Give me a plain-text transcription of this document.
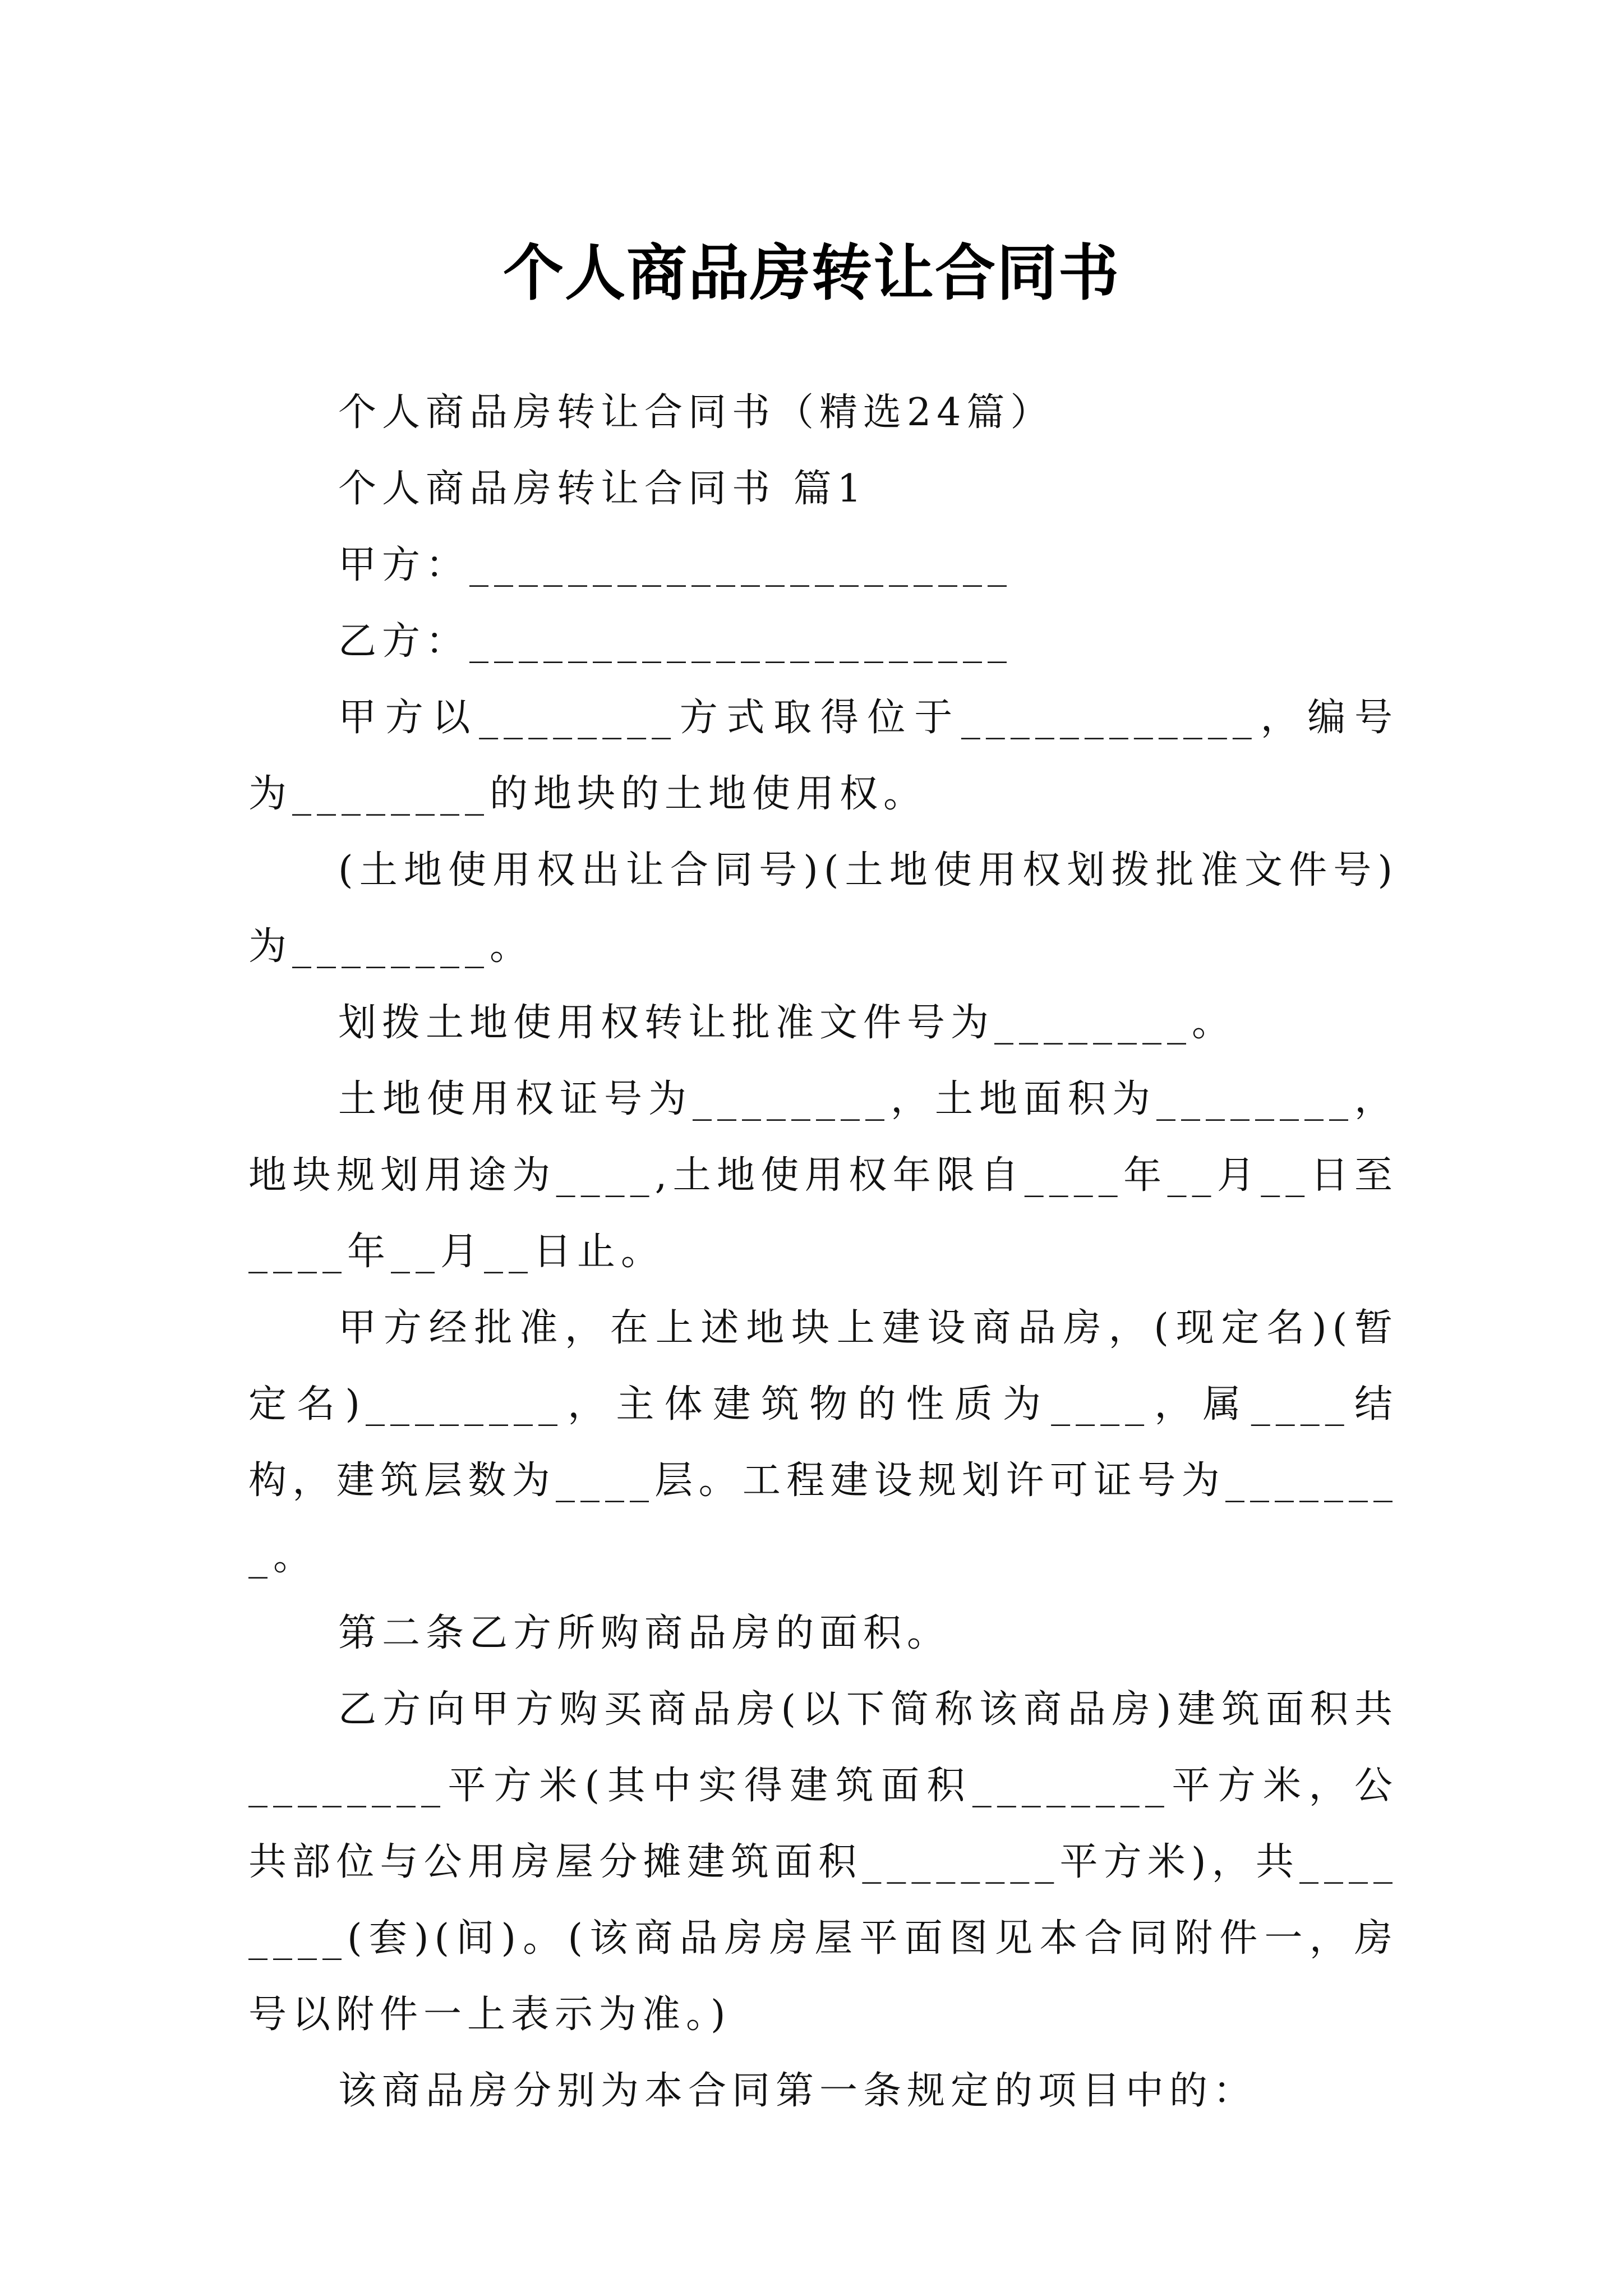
个人商品房转让合同书

个人商品房转让合同书（精选24篇）

个人商品房转让合同书 篇1

甲方：______________________

乙方：______________________

甲方以________方式取得位于____________，编号为________的地块的土地使用权。

(土地使用权出让合同号)(土地使用权划拨批准文件号)为________。

划拨土地使用权转让批准文件号为________。

土地使用权证号为________，土地面积为________，地块规划用途为____,土地使用权年限自____年__月__日至____年__月__日止。

甲方经批准，在上述地块上建设商品房，(现定名)(暂定名)________，主体建筑物的性质为____，属____结构，建筑层数为____层。工程建设规划许可证号为________。

第二条乙方所购商品房的面积。

乙方向甲方购买商品房(以下简称该商品房)建筑面积共________平方米(其中实得建筑面积________平方米，公共部位与公用房屋分摊建筑面积________平方米)，共________(套)(间)。(该商品房房屋平面图见本合同附件一，房号以附件一上表示为准。)

该商品房分别为本合同第一条规定的项目中的：
